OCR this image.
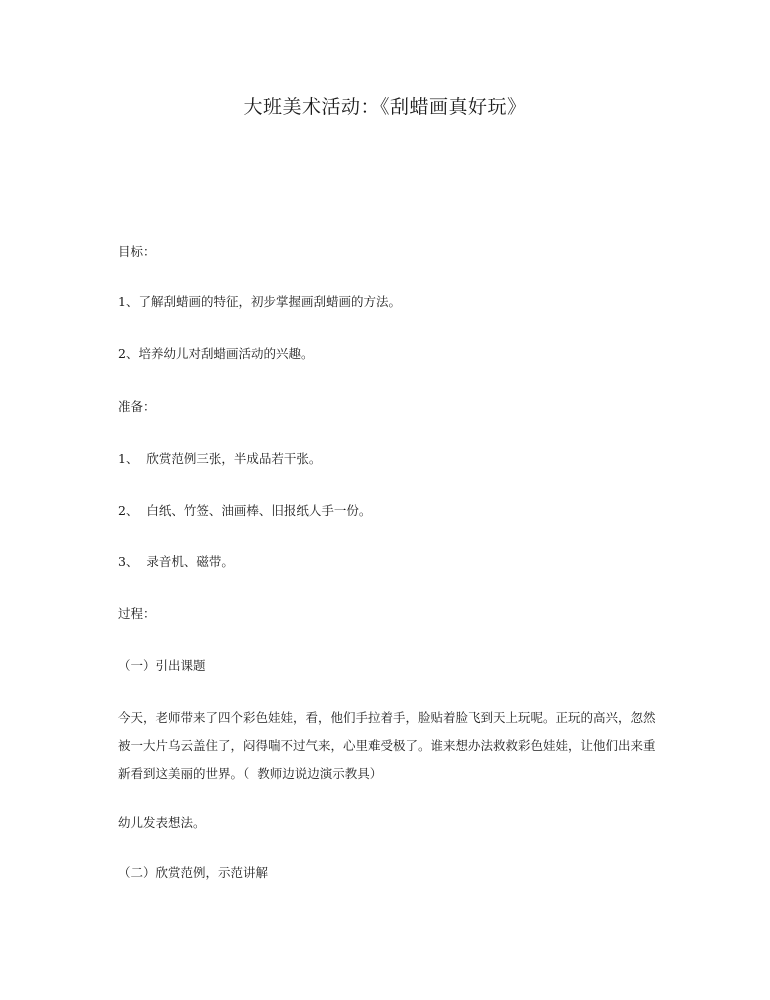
大班美术活动：《刮蜡画真好玩》
目标：
1、了解刮蜡画的特征，初步掌握画刮蜡画的方法。
2、培养幼儿对刮蜡画活动的兴趣。
准备：
1、  欣赏范例三张，半成品若干张。
2、  白纸、竹签、油画棒、旧报纸人手一份。
3、  录音机、磁带。
过程：
（一）引出课题
今天，老师带来了四个彩色娃娃，看，他们手拉着手，脸贴着脸飞到天上玩呢。正玩的高兴，忽然被一大片乌云盖住了，闷得喘不过气来，心里难受极了。谁来想办法救救彩色娃娃，让他们出来重新看到这美丽的世界。（  教师边说边演示教具）
幼儿发表想法。
（二）欣赏范例，示范讲解
